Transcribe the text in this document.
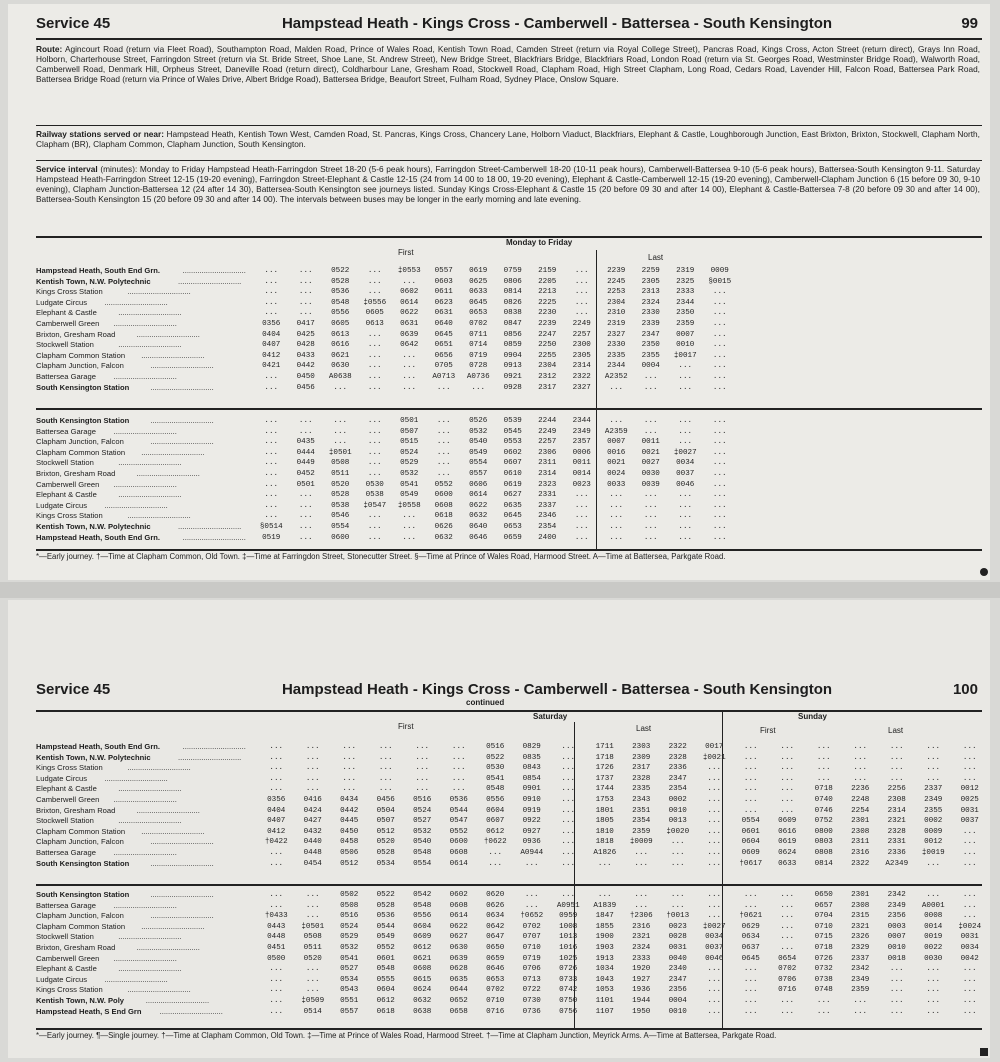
Service 45	Hampstead Heath - Kings Cross - Camberwell - Battersea - South Kensington	99
Route: Agincourt Road (return via Fleet Road), Southampton Road, Malden Road, Prince of Wales Road, Kentish Town Road, Camden Street (return via Royal College Street), Pancras Road, Kings Cross, Acton Street (return direct), Grays Inn Road, Holborn, Charterhouse Street, Farringdon Street (return via St. Bride Street, Shoe Lane, St. Andrew Street), New Bridge Street, Blackfriars Bridge, Blackfriars Road, London Road (return via St. Georges Road, Westminster Bridge Road), Walworth Road, Camberwell Road, Denmark Hill, Orpheus Street, Daneville Road (return direct), Coldharbour Lane, Gresham Road, Stockwell Road, Clapham Road, High Street Clapham, Long Road, Cedars Road, Lavender Hill, Falcon Road, Battersea Park Road, Battersea Bridge Road (return via Prince of Wales Drive, Albert Bridge Road), Battersea Bridge, Beaufort Street, Fulham Road, Sydney Place, Onslow Square.
Railway stations served or near: Hampstead Heath, Kentish Town West, Camden Road, St. Pancras, Kings Cross, Chancery Lane, Holborn Viaduct, Blackfriars, Elephant & Castle, Loughborough Junction, East Brixton, Brixton, Stockwell, Clapham North, Clapham (BR), Clapham Common, Clapham Junction, South Kensington.
Service interval (minutes): Monday to Friday Hampstead Heath-Farringdon Street 18-20 (5-6 peak hours), Farringdon Street-Camberwell 18-20 (10-11 peak hours), Camberwell-Battersea 9-10 (5-6 peak hours), Battersea-South Kensington 9-11. Saturday Hampstead Heath-Farringdon Street 12-15 (19-20 evening), Farringdon Street-Elephant & Castle 12-15 (24 from 14 00 to 18 00, 19-20 evening), Elephant & Castle-Camberwell 12-15 (19-20 evening), Camberwell-Clapham Junction 6 (15 before 09 30, 9-10 evening), Clapham Junction-Battersea 12 (24 after 14 30), Battersea-South Kensington see journeys listed. Sunday Kings Cross-Elephant & Castle 15 (20 before 09 30 and after 14 00), Elephant & Castle-Battersea 7-8 (20 before 09 30 and after 14 00), Battersea-South Kensington 15 (20 before 09 30 and after 14 00). The intervals between buses may be longer in the early morning and late evening.
Monday to Friday
First
Last
Hampstead Heath, South End Grn.	..............................	...	...	0522	...	‡0553	0557	0619	0759	2159	...	2239	2259	2319	0009
Kentish Town, N.W. Polytechnic	..............................	...	...	0528	...	...	0603	0625	0806	2205	...	2245	2305	2325	§0015
Kings Cross Station	..............................	...	...	0536	...	0602	0611	0633	0814	2213	...	2253	2313	2333	...
Ludgate Circus	..............................	...	...	0548	‡0556	0614	0623	0645	0826	2225	...	2304	2324	2344	...
Elephant & Castle	..............................	...	...	0556	0605	0622	0631	0653	0838	2230	...	2310	2330	2350	...
Camberwell Green	..............................	0356	0417	0605	0613	0631	0640	0702	0847	2239	2249	2319	2339	2359	...
Brixton, Gresham Road	..............................	0404	0425	0613	...	0639	0645	0711	0856	2247	2257	2327	2347	0007	...
Stockwell Station	..............................	0407	0428	0616	...	0642	0651	0714	0859	2250	2300	2330	2350	0010	...
Clapham Common Station	..............................	0412	0433	0621	...	...	0656	0719	0904	2255	2305	2335	2355	‡0017	...
Clapham Junction, Falcon	..............................	0421	0442	0630	...	...	0705	0728	0913	2304	2314	2344	0004	...	...
Battersea Garage	..............................	...	0450	A0638	...	...	A0713	A0736	0921	2312	2322	A2352	...	...	...
South Kensington Station	..............................	...	0456	...	...	...	...	...	0928	2317	2327	...	...	...	...
South Kensington Station	..............................	...	...	...	...	0501	...	0526	0539	2244	2344	...	...	...	...
Battersea Garage	..............................	...	...	...	...	0507	...	0532	0545	2249	2349	A2359	...	...	...
Clapham Junction, Falcon	..............................	...	0435	...	...	0515	...	0540	0553	2257	2357	0007	0011	...	...
Clapham Common Station	..............................	...	0444	‡0501	...	0524	...	0549	0602	2306	0006	0016	0021	‡0027	...
Stockwell Station	..............................	...	0449	0508	...	0529	...	0554	0607	2311	0011	0021	0027	0034	...
Brixton, Gresham Road	..............................	...	0452	0511	...	0532	...	0557	0610	2314	0014	0024	0030	0037	...
Camberwell Green	..............................	...	0501	0520	0530	0541	0552	0606	0619	2323	0023	0033	0039	0046	...
Elephant & Castle	..............................	...	...	0528	0538	0549	0600	0614	0627	2331	...	...	...	...	...
Ludgate Circus	..............................	...	...	0538	‡0547	‡0558	0608	0622	0635	2337	...	...	...	...	...
Kings Cross Station	..............................	...	...	0546	...	...	0618	0632	0645	2346	...	...	...	...	...
Kentish Town, N.W. Polytechnic	..............................	§0514	...	0554	...	...	0626	0640	0653	2354	...	...	...	...	...
Hampstead Heath, South End Grn.	..............................	0519	...	0600	...	...	0632	0646	0659	2400	...	...	...	...	...
*—Early journey. †—Time at Clapham Common, Old Town. ‡—Time at Farringdon Street, Stonecutter Street. §—Time at Prince of Wales Road, Harmood Street. A—Time at Battersea, Parkgate Road.
Service 45	Hampstead Heath - Kings Cross - Camberwell - Battersea - South Kensington	100
continued
Saturday	Sunday
First	Last	First	Last
Hampstead Heath, South End Grn.	..............................	...	...	...	...	...	...	0516	0829	...	1711	2303	2322	0017	...	...	...	...	...	...	...
Kentish Town, N.W. Polytechnic	..............................	...	...	...	...	...	...	0522	0835	...	1718	2309	2328	‡0021	...	...	...	...	...	...	...
Kings Cross Station	..............................	...	...	...	...	...	...	0530	0843	...	1726	2317	2336	...	...	...	...	...	...	...	...
Ludgate Circus	..............................	...	...	...	...	...	...	0541	0854	...	1737	2328	2347	...	...	...	...	...	...	...	...
Elephant & Castle	..............................	...	...	...	...	...	...	0548	0901	...	1744	2335	2354	...	...	...	0718	2236	2256	2337	0012
Camberwell Green	..............................	0356	0416	0434	0456	0516	0536	0556	0910	...	1753	2343	0002	...	...	...	0740	2248	2308	2349	0025
Brixton, Gresham Road	..............................	0404	0424	0442	0504	0524	0544	0604	0919	...	1801	2351	0010	...	...	...	0746	2254	2314	2355	0031
Stockwell Station	..............................	0407	0427	0445	0507	0527	0547	0607	0922	...	1805	2354	0013	...	0554	0609	0752	2301	2321	0002	0037
Clapham Common Station	..............................	0412	0432	0450	0512	0532	0552	0612	0927	...	1810	2359	‡0020	...	0601	0616	0800	2308	2328	0009	...
Clapham Junction, Falcon	..............................	†0422	0440	0458	0520	0540	0600	†0622	0936	...	1818	‡0009	...	...	0604	0619	0803	2311	2331	0012	...
Battersea Garage	..............................	...	0448	0506	0528	0548	0608	...	A0944	...	A1826	...	...	...	0609	0624	0808	2316	2336	‡0019	...
South Kensington Station	..............................	...	0454	0512	0534	0554	0614	...	...	...	...	...	...	...	†0617	0633	0814	2322	A2349	...	...
South Kensington Station	..............................	...	...	0502	0522	0542	0602	0620	...	...	...	...	...	...	...	...	0650	2301	2342	...	...
Battersea Garage	..............................	...	...	0508	0528	0548	0608	0626	...	A0951	A1839	...	...	...	...	...	0657	2308	2349	A0001	...
Clapham Junction, Falcon	..............................	†0433	...	0516	0536	0556	0614	0634	†0652	0959	1847	†2306	†0013	...	†0621	...	0704	2315	2356	0008	...
Clapham Common Station	..............................	0443	‡0501	0524	0544	0604	0622	0642	0702	1008	1855	2316	0023	‡0027	0629	...	0710	2321	0003	0014	‡0024
Stockwell Station	..............................	0448	0508	0529	0549	0609	0627	0647	0707	1013	1900	2321	0028	0034	0634	...	0715	2326	0007	0019	0031
Brixton, Gresham Road	..............................	0451	0511	0532	0552	0612	0630	0650	0710	1016	1903	2324	0031	0037	0637	...	0718	2329	0010	0022	0034
Camberwell Green	..............................	0500	0520	0541	0601	0621	0639	0659	0719	1025	1913	2333	0040	0046	0645	0654	0726	2337	0018	0030	0042
Elephant & Castle	..............................	...	...	0527	0548	0608	0628	0646	0706	0726	1034	1920	2340	...	...	0702	0732	2342	...	...	...
Ludgate Circus	..............................	...	...	0534	0555	0615	0635	0653	0713	0733	1043	1927	2347	...	...	0706	0738	2349	...	...	...
Kings Cross Station	..............................	...	...	0543	0604	0624	0644	0702	0722	0742	1053	1936	2356	...	...	0716	0748	2359	...	...	...
Kentish Town, N.W. Poly	..............................	...	‡0509	0551	0612	0632	0652	0710	0730	0750	1101	1944	0004	...	...	...	...	...	...	...	...
Hampstead Heath, S End Grn	..............................	...	0514	0557	0618	0638	0658	0716	0736	0756	1107	1950	0010	...	...	...	...	...	...	...	...
*—Early journey. ¶—Single journey. †—Time at Clapham Common, Old Town. ‡—Time at Prince of Wales Road, Harmood Street. †—Time at Clapham Junction, Meyrick Arms. A—Time at Battersea, Parkgate Road.
